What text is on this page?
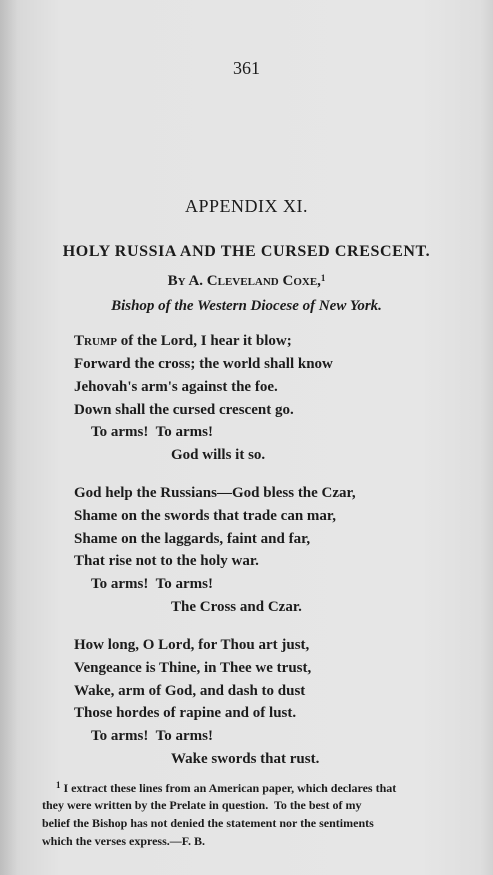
361
APPENDIX XI.
HOLY RUSSIA AND THE CURSED CRESCENT.
By A. Cleveland Coxe,$^1$
Bishop of the Western Diocese of New York.
Trump of the Lord, I hear it blow;
Forward the cross; the world shall know
Jehovah's arm's against the foe.
Down shall the cursed crescent go.
To arms!  To arms!
God wills it so.
God help the Russians—God bless the Czar,
Shame on the swords that trade can mar,
Shame on the laggards, faint and far,
That rise not to the holy war.
To arms!  To arms!
The Cross and Czar.
How long, O Lord, for Thou art just,
Vengeance is Thine, in Thee we trust,
Wake, arm of God, and dash to dust
Those hordes of rapine and of lust.
To arms!  To arms!
Wake swords that rust.
$^1$ I extract these lines from an American paper, which declares that
they were written by the Prelate in question.  To the best of my
belief the Bishop has not denied the statement nor the sentiments
which the verses express.—F. B.
